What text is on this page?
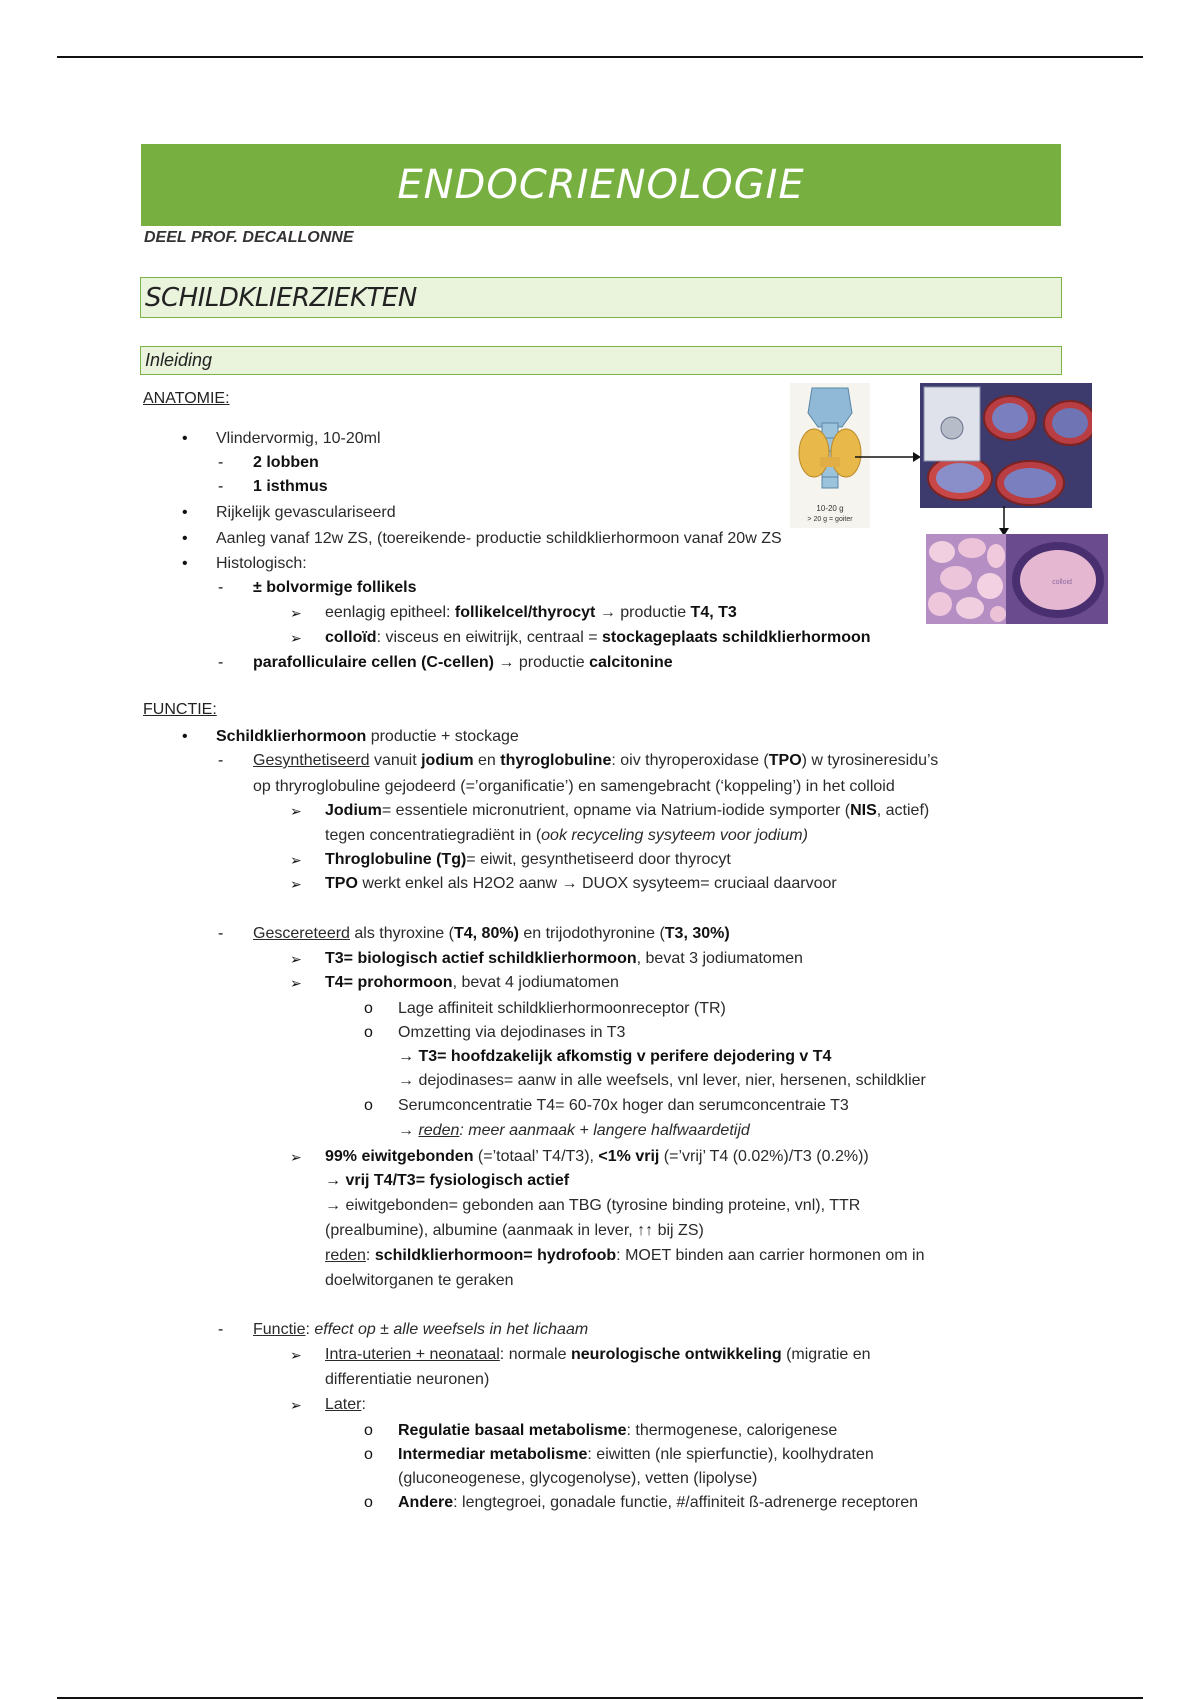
ENDOCRIENOLOGIE
DEEL PROF. DECALLONNE
SCHILDKLIERZIEKTEN
Inleiding
ANATOMIE:
• Vlindervormig, 10-20ml
- 2 lobben
- 1 isthmus
• Rijkelijk gevasculariseerd
• Aanleg vanaf 12w ZS, (toereikende- productie schildklierhormoon vanaf 20w ZS
• Histologisch:
- ± bolvormige follikels
➢ eenlagig epitheel: follikelcel/thyrocyt → productie T4, T3
➢ colloïd: visceus en eiwitrijk, centraal = stockageplaats schildklierhormoon
- parafolliculaire cellen (C-cellen) → productie calcitonine
10-20 g
> 20 g = goiter
colloid
FUNCTIE:
• Schildklierhormoon productie + stockage
- Gesynthetiseerd vanuit jodium en thyroglobuline: oiv thyroperoxidase (TPO) w tyrosineresidu’s
op thryroglobuline gejodeerd (=’organificatie’) en samengebracht (‘koppeling’) in het colloid
➢ Jodium= essentiele micronutrient, opname via Natrium-iodide symporter (NIS, actief)
tegen concentratiegradiënt in (ook recyceling sysyteem voor jodium)
➢ Throglobuline (Tg)= eiwit, gesynthetiseerd door thyrocyt
➢ TPO werkt enkel als H2O2 aanw → DUOX sysyteem= cruciaal daarvoor
- Gescereteerd als thyroxine (T4, 80%) en trijodothyronine (T3, 30%)
➢ T3= biologisch actief schildklierhormoon, bevat 3 jodiumatomen
➢ T4= prohormoon, bevat 4 jodiumatomen
o Lage affiniteit schildklierhormoonreceptor (TR)
o Omzetting via dejodinases in T3
→ T3= hoofdzakelijk afkomstig v perifere dejodering v T4
→ dejodinases= aanw in alle weefsels, vnl lever, nier, hersenen, schildklier
o Serumconcentratie T4= 60-70x hoger dan serumconcentraie T3
→ reden: meer aanmaak + langere halfwaardetijd
➢ 99% eiwitgebonden (=’totaal’ T4/T3), <1% vrij (=’vrij’ T4 (0.02%)/T3 (0.2%))
→ vrij T4/T3= fysiologisch actief
→ eiwitgebonden= gebonden aan TBG (tyrosine binding proteine, vnl), TTR
(prealbumine), albumine (aanmaak in lever, ↑↑ bij ZS)
reden: schildklierhormoon= hydrofoob: MOET binden aan carrier hormonen om in
doelwitorganen te geraken
- Functie: effect op ± alle weefsels in het lichaam
➢ Intra-uterien + neonataal: normale neurologische ontwikkeling (migratie en
differentiatie neuronen)
➢ Later:
o Regulatie basaal metabolisme: thermogenese, calorigenese
o Intermediar metabolisme: eiwitten (nle spierfunctie), koolhydraten
(gluconeogenese, glycogenolyse), vetten (lipolyse)
o Andere: lengtegroei, gonadale functie, #/affiniteit ß-adrenerge receptoren
